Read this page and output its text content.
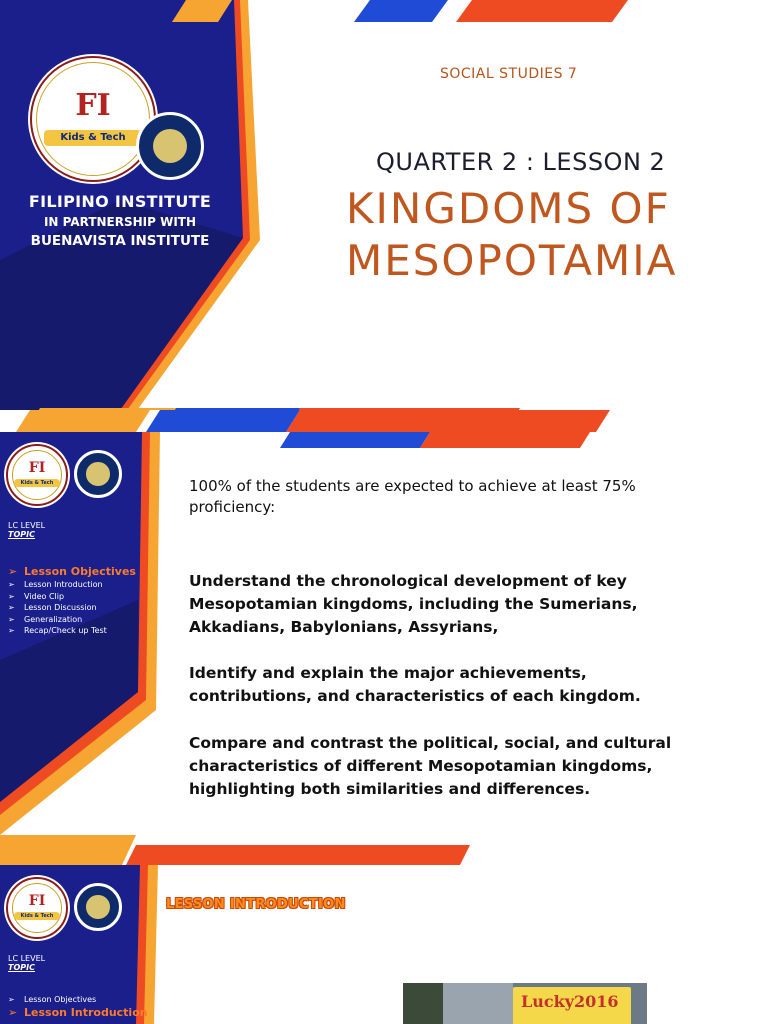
FI
Kids & Tech
FILIPINO INSTITUTE
IN PARTNERSHIP WITH
BUENAVISTA INSTITUTE
SOCIAL STUDIES 7
QUARTER 2 : LESSON 2
KINGDOMS OF
MESOPOTAMIA
FI
Kids & Tech
LC LEVEL
TOPIC
➢ Lesson Objectives
➢ Lesson Introduction
➢ Video Clip
➢ Lesson Discussion
➢ Generalization
➢ Recap/Check up Test
100% of the students are expected to achieve at least 75% proficiency:
Understand the chronological development of key Mesopotamian kingdoms, including the Sumerians, Akkadians, Babylonians, Assyrians,
Identify and explain the major achievements, contributions, and characteristics of each kingdom.
Compare and contrast the political, social, and cultural characteristics of different Mesopotamian kingdoms, highlighting both similarities and differences.
FI
Kids & Tech
LC LEVEL
TOPIC
➢ Lesson Objectives
➢ Lesson Introduction
LESSON INTRODUCTION
Lucky2016
